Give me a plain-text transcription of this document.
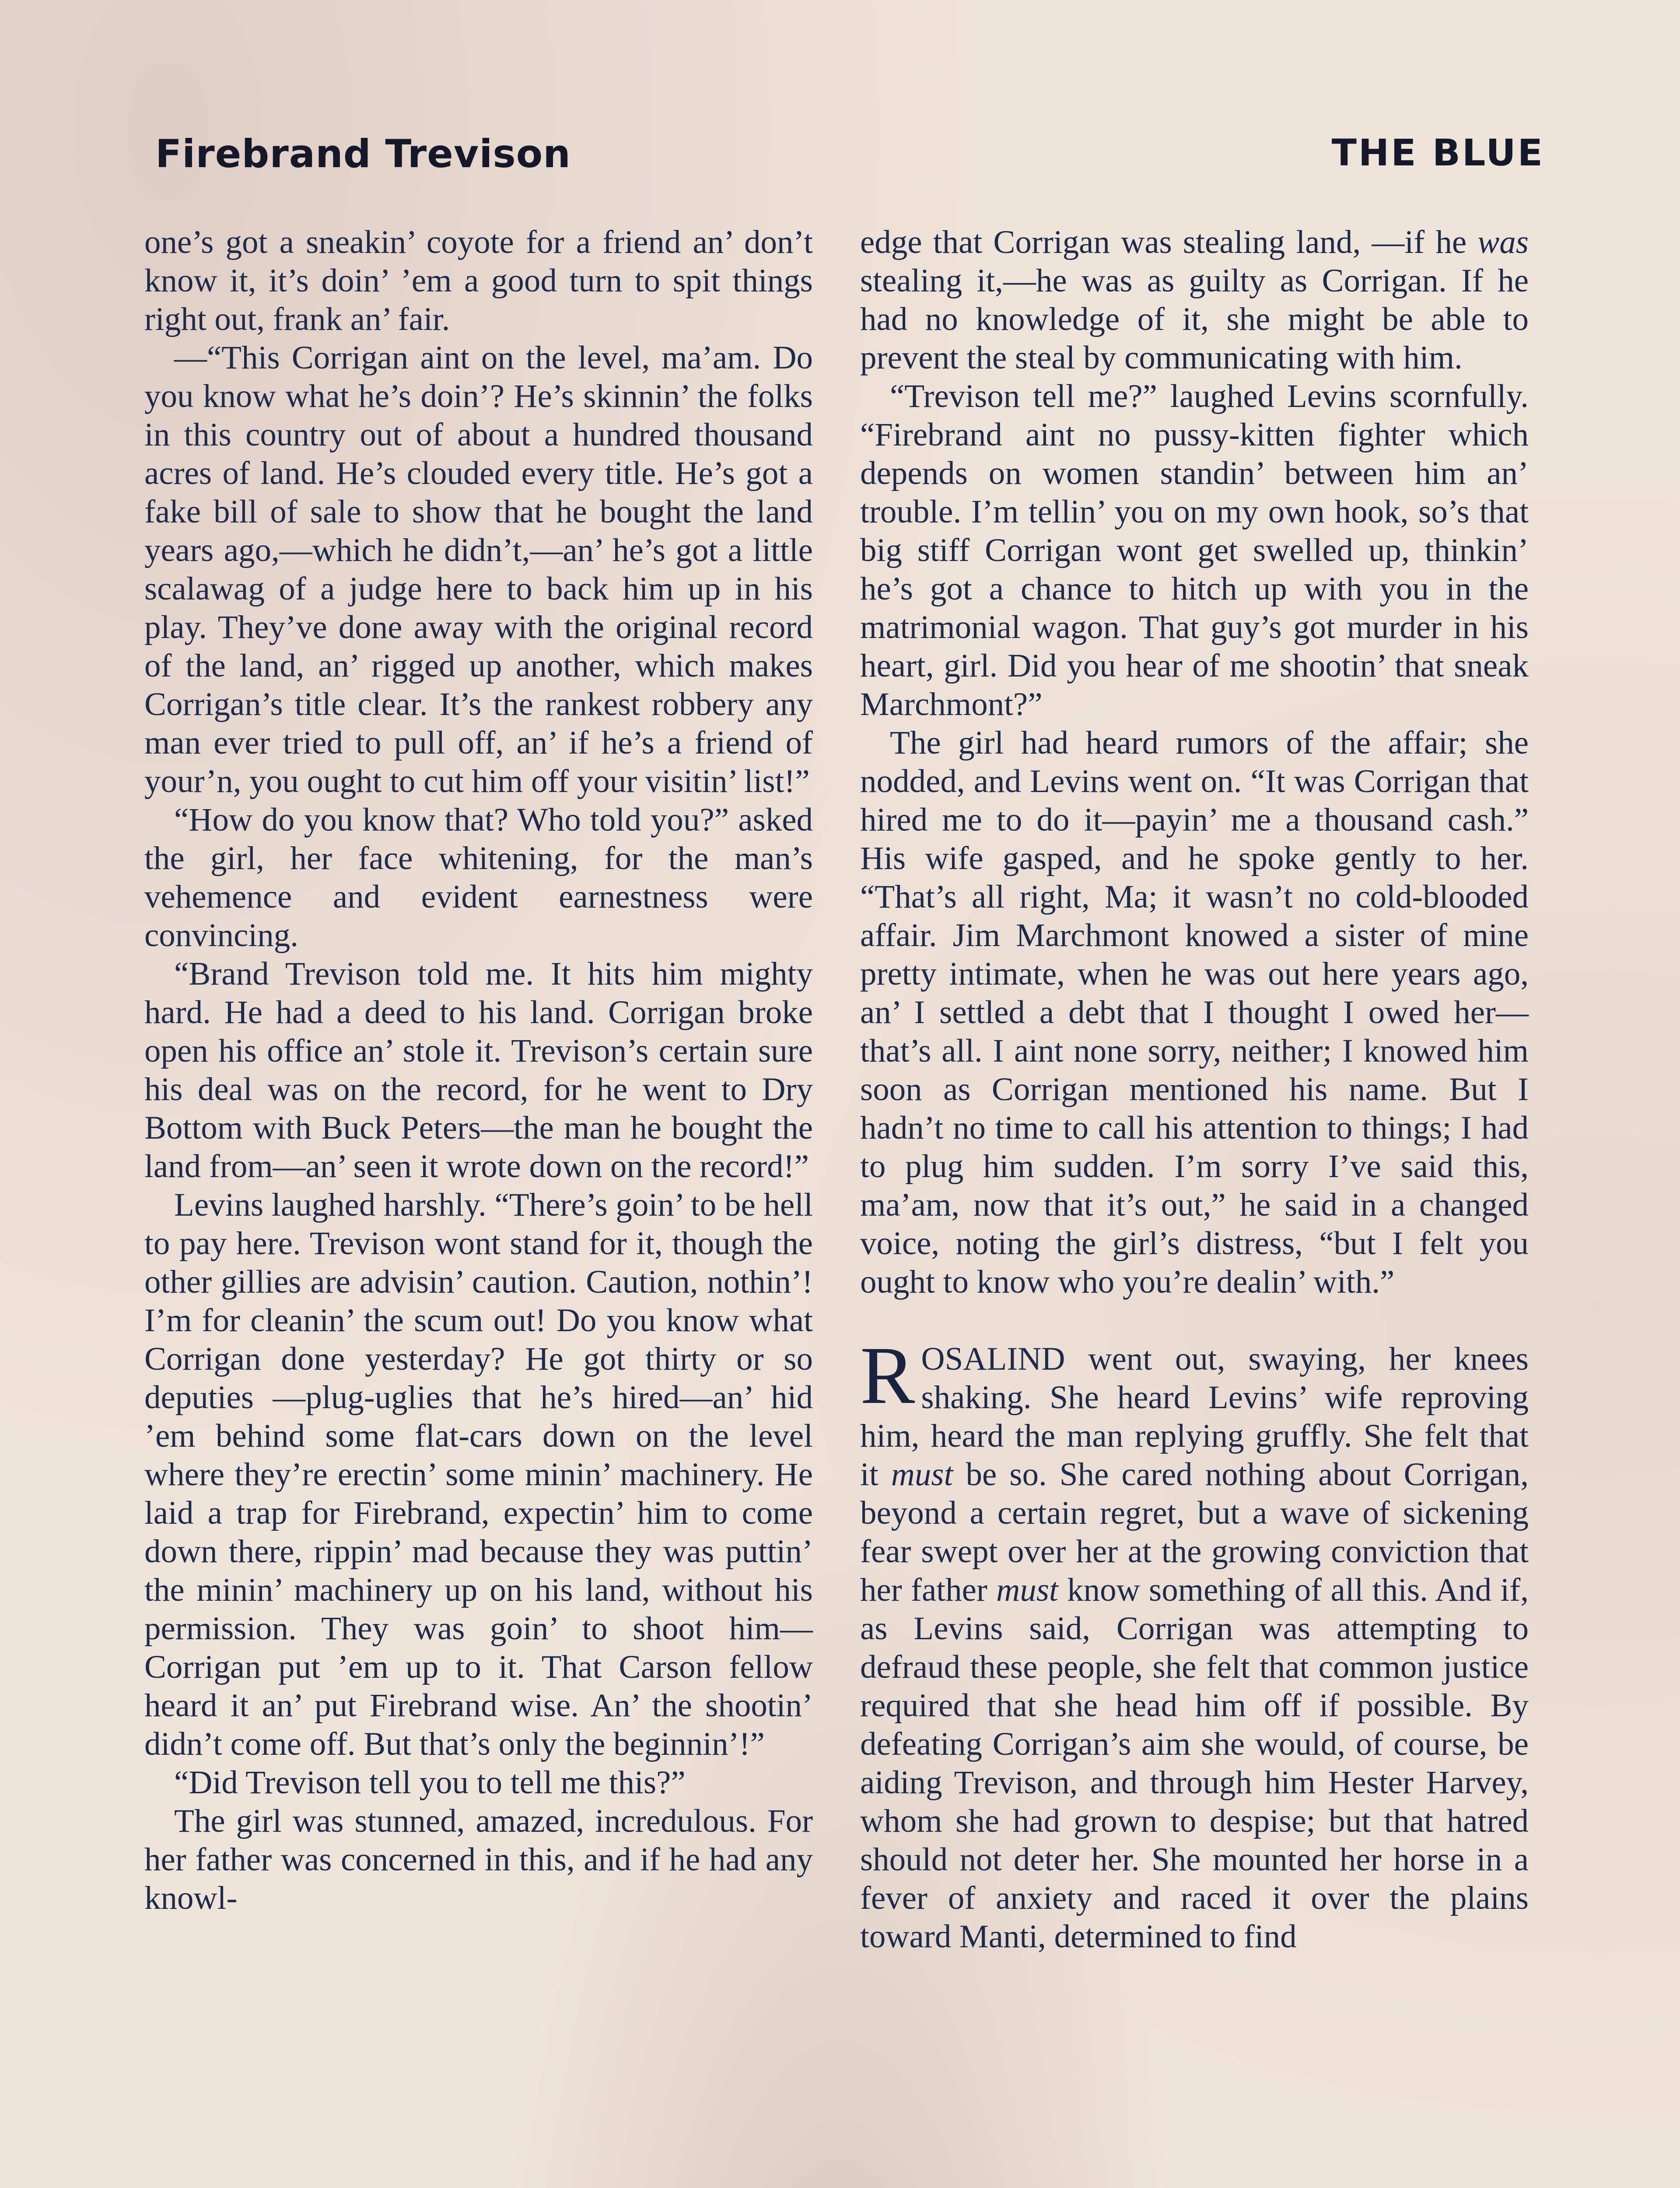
Firebrand Trevison	THE BLUE

one’s got a sneakin’ coyote for a friend an’ don’t know it, it’s doin’ ’em a good turn to spit things right out, frank an’ fair.

—“This Corrigan aint on the level, ma’am. Do you know what he’s doin’? He’s skinnin’ the folks in this country out of about a hundred thousand acres of land. He’s clouded every title. He’s got a fake bill of sale to show that he bought the land years ago,—which he didn’t,—an’ he’s got a little scalawag of a judge here to back him up in his play. They’ve done away with the original record of the land, an’ rigged up another, which makes Corrigan’s title clear. It’s the rankest robbery any man ever tried to pull off, an’ if he’s a friend of your’n, you ought to cut him off your visitin’ list!”

“How do you know that? Who told you?” asked the girl, her face whitening, for the man’s vehemence and evident earnestness were convincing.

“Brand Trevison told me. It hits him mighty hard. He had a deed to his land. Corrigan broke open his office an’ stole it. Trevison’s certain sure his deal was on the record, for he went to Dry Bottom with Buck Peters—the man he bought the land from—an’ seen it wrote down on the record!”

Levins laughed harshly. “There’s goin’ to be hell to pay here. Trevison wont stand for it, though the other gillies are advisin’ caution. Caution, nothin’! I’m for cleanin’ the scum out! Do you know what Corrigan done yesterday? He got thirty or so deputies —plug-uglies that he’s hired—an’ hid ’em behind some flat-cars down on the level where they’re erectin’ some minin’ machinery. He laid a trap for Firebrand, expectin’ him to come down there, rippin’ mad because they was puttin’ the minin’ machinery up on his land, without his permission. They was goin’ to shoot him—Corrigan put ’em up to it. That Carson fellow heard it an’ put Firebrand wise. An’ the shootin’ didn’t come off. But that’s only the beginnin’!”

“Did Trevison tell you to tell me this?”

The girl was stunned, amazed, incredulous. For her father was concerned in this, and if he had any knowl-

edge that Corrigan was stealing land, —if he was stealing it,—he was as guilty as Corrigan. If he had no knowledge of it, she might be able to prevent the steal by communicating with him.

“Trevison tell me?” laughed Levins scornfully. “Firebrand aint no pussy-kitten fighter which depends on women standin’ between him an’ trouble. I’m tellin’ you on my own hook, so’s that big stiff Corrigan wont get swelled up, thinkin’ he’s got a chance to hitch up with you in the matrimonial wagon. That guy’s got murder in his heart, girl. Did you hear of me shootin’ that sneak Marchmont?”

The girl had heard rumors of the affair; she nodded, and Levins went on. “It was Corrigan that hired me to do it—payin’ me a thousand cash.” His wife gasped, and he spoke gently to her. “That’s all right, Ma; it wasn’t no cold-blooded affair. Jim Marchmont knowed a sister of mine pretty intimate, when he was out here years ago, an’ I settled a debt that I thought I owed her—that’s all. I aint none sorry, neither; I knowed him soon as Corrigan mentioned his name. But I hadn’t no time to call his attention to things; I had to plug him sudden. I’m sorry I’ve said this, ma’am, now that it’s out,” he said in a changed voice, noting the girl’s distress, “but I felt you ought to know who you’re dealin’ with.”

ROSALIND went out, swaying, her knees shaking. She heard Levins’ wife reproving him, heard the man replying gruffly. She felt that it must be so. She cared nothing about Corrigan, beyond a certain regret, but a wave of sickening fear swept over her at the growing conviction that her father must know something of all this. And if, as Levins said, Corrigan was attempting to defraud these people, she felt that common justice required that she head him off if possible. By defeating Corrigan’s aim she would, of course, be aiding Trevison, and through him Hester Harvey, whom she had grown to despise; but that hatred should not deter her. She mounted her horse in a fever of anxiety and raced it over the plains toward Manti, determined to find
